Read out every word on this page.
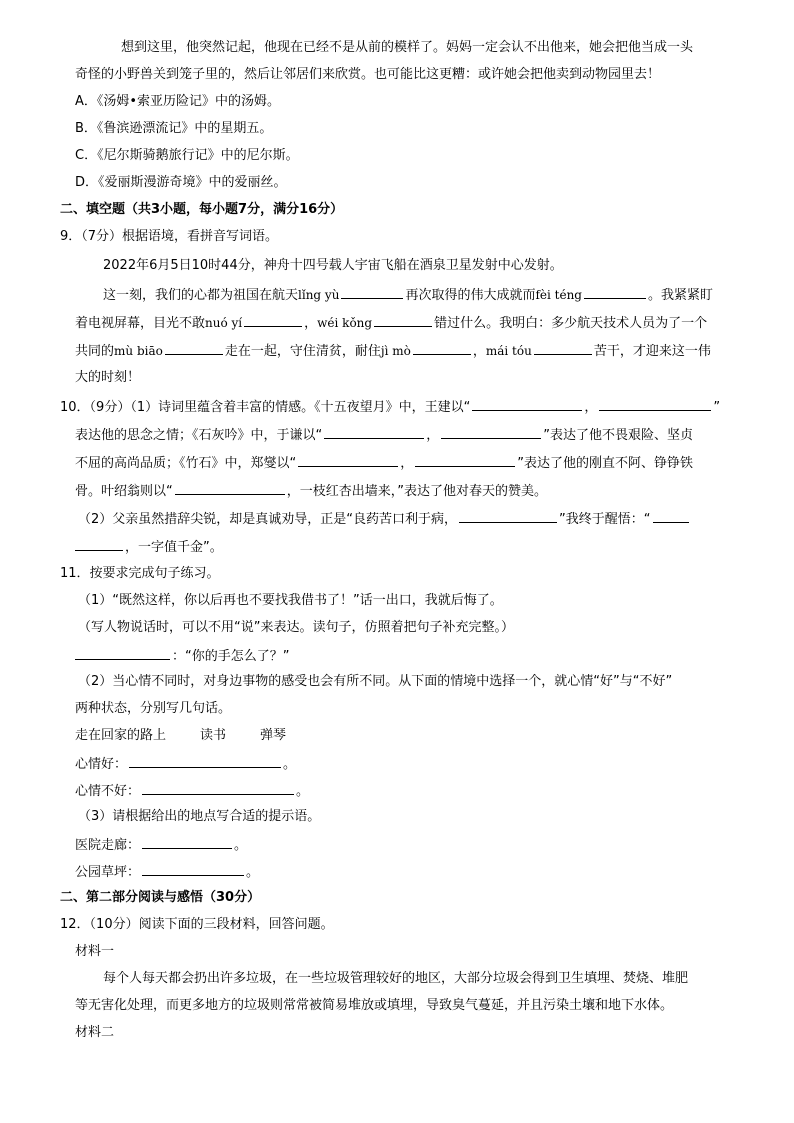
想到这里，他突然记起，他现在已经不是从前的模样了。妈妈一定会认不出他来，她会把他当成一头
奇怪的小野兽关到笼子里的，然后让邻居们来欣赏。也可能比这更糟：或许她会把他卖到动物园里去！
A．《汤姆•索亚历险记》中的汤姆。
B．《鲁滨逊漂流记》中的星期五。
C．《尼尔斯骑鹅旅行记》中的尼尔斯。
D．《爱丽斯漫游奇境》中的爱丽丝。
二、填空题（共3小题，每小题7分，满分16分）
9．（7分）根据语境，看拼音写词语。
2022年6月5日10时44分，神舟十四号载人宇宙飞船在酒泉卫星发射中心发射。
这一刻，我们的心都为祖国在航天lǐng yù	再次取得的伟大成就而fèi téng	。我紧紧盯
着电视屏幕，目光不敢nuó yí	，wéi kǒng	错过什么。我明白：多少航天技术人员为了一个
共同的mù biāo	走在一起，守住清贫，耐住jì mò	，mái tóu	苦干，才迎来这一伟
大的时刻！
10．（9分）（1）诗词里蕴含着丰富的情感。《十五夜望月》中，王建以“	，	”
表达他的思念之情；《石灰吟》中，于谦以“	，	”表达了他不畏艰险、坚贞
不屈的高尚品质；《竹石》中，郑燮以“	，	”表达了他的刚直不阿、铮铮铁
骨。叶绍翁则以“	，一枝红杏出墙来，”表达了他对春天的赞美。
（2）父亲虽然措辞尖锐，却是真诚劝导，正是“良药苦口利于病，	”我终于醒悟：“
，一字值千金”。
11．按要求完成句子练习。
（1）“既然这样，你以后再也不要找我借书了！”话一出口，我就后悔了。
（写人物说话时，可以不用“说”来表达。读句子，仿照着把句子补充完整。）
：“你的手怎么了？”
（2）当心情不同时，对身边事物的感受也会有所不同。从下面的情境中选择一个，就心情“好”与“不好”
两种状态，分别写几句话。
走在回家的路上	读书	弹琴
心情好：	。
心情不好：	。
（3）请根据给出的地点写合适的提示语。
医院走廊：	。
公园草坪：	。
二、第二部分阅读与感悟（30分）
12．（10分）阅读下面的三段材料，回答问题。
材料一
每个人每天都会扔出许多垃圾，在一些垃圾管理较好的地区，大部分垃圾会得到卫生填埋、焚烧、堆肥
等无害化处理，而更多地方的垃圾则常常被简易堆放或填埋，导致臭气蔓延，并且污染土壤和地下水体。
材料二
